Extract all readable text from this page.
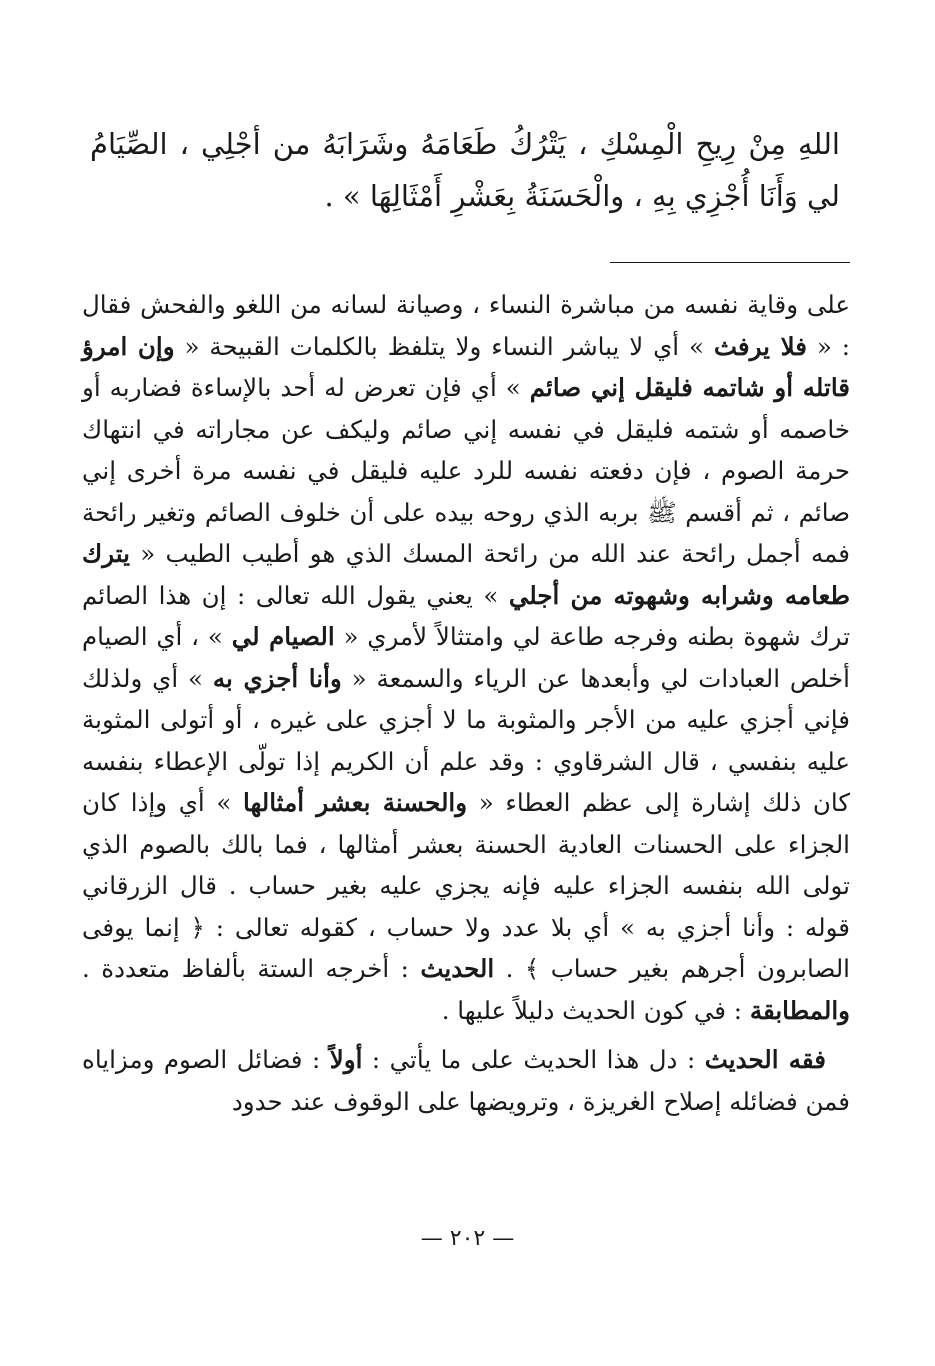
اللهِ مِنْ رِيحِ الْمِسْكِ ، يَتْرُكُ طَعَامَهُ وشَرَابَهُ من أجْلِي ، الصِّيَامُ لي وَأَنَا أُجْزِي بِهِ ، والْحَسَنَةُ بِعَشْرِ أَمْثَالِهَا » .

على وقاية نفسه من مباشرة النساء ، وصيانة لسانه من اللغو والفحش فقال : « فلا يرفث » أي لا يباشر النساء ولا يتلفظ بالكلمات القبيحة « وإن امرؤ قاتله أو شاتمه فليقل إني صائم » أي فإن تعرض له أحد بالإساءة فضاربه أو خاصمه أو شتمه فليقل في نفسه إني صائم وليكف عن مجاراته في انتهاك حرمة الصوم ، فإن دفعته نفسه للرد عليه فليقل في نفسه مرة أخرى إني صائم ، ثم أقسم ﷺ بربه الذي روحه بيده على أن خلوف الصائم وتغير رائحة فمه أجمل رائحة عند الله من رائحة المسك الذي هو أطيب الطيب « يترك طعامه وشرابه وشهوته من أجلي » يعني يقول الله تعالى : إن هذا الصائم ترك شهوة بطنه وفرجه طاعة لي وامتثالاً لأمري « الصيام لي » ، أي الصيام أخلص العبادات لي وأبعدها عن الرياء والسمعة « وأنا أجزي به » أي ولذلك فإني أجزي عليه من الأجر والمثوبة ما لا أجزي على غيره ، أو أتولى المثوبة عليه بنفسي ، قال الشرقاوي : وقد علم أن الكريم إذا تولّى الإعطاء بنفسه كان ذلك إشارة إلى عظم العطاء « والحسنة بعشر أمثالها » أي وإذا كان الجزاء على الحسنات العادية الحسنة بعشر أمثالها ، فما بالك بالصوم الذي تولى الله بنفسه الجزاء عليه فإنه يجزي عليه بغير حساب . قال الزرقاني قوله : وأنا أجزي به » أي بلا عدد ولا حساب ، كقوله تعالى : ﴿ إنما يوفى الصابرون أجرهم بغير حساب ﴾ . الحديث : أخرجه الستة بألفاظ متعددة . والمطابقة : في كون الحديث دليلاً عليها .

فقه الحديث : دل هذا الحديث على ما يأتي : أولاً : فضائل الصوم ومزاياه فمن فضائله إصلاح الغريزة ، وترويضها على الوقوف عند حدود

— ٢٠٢ —
